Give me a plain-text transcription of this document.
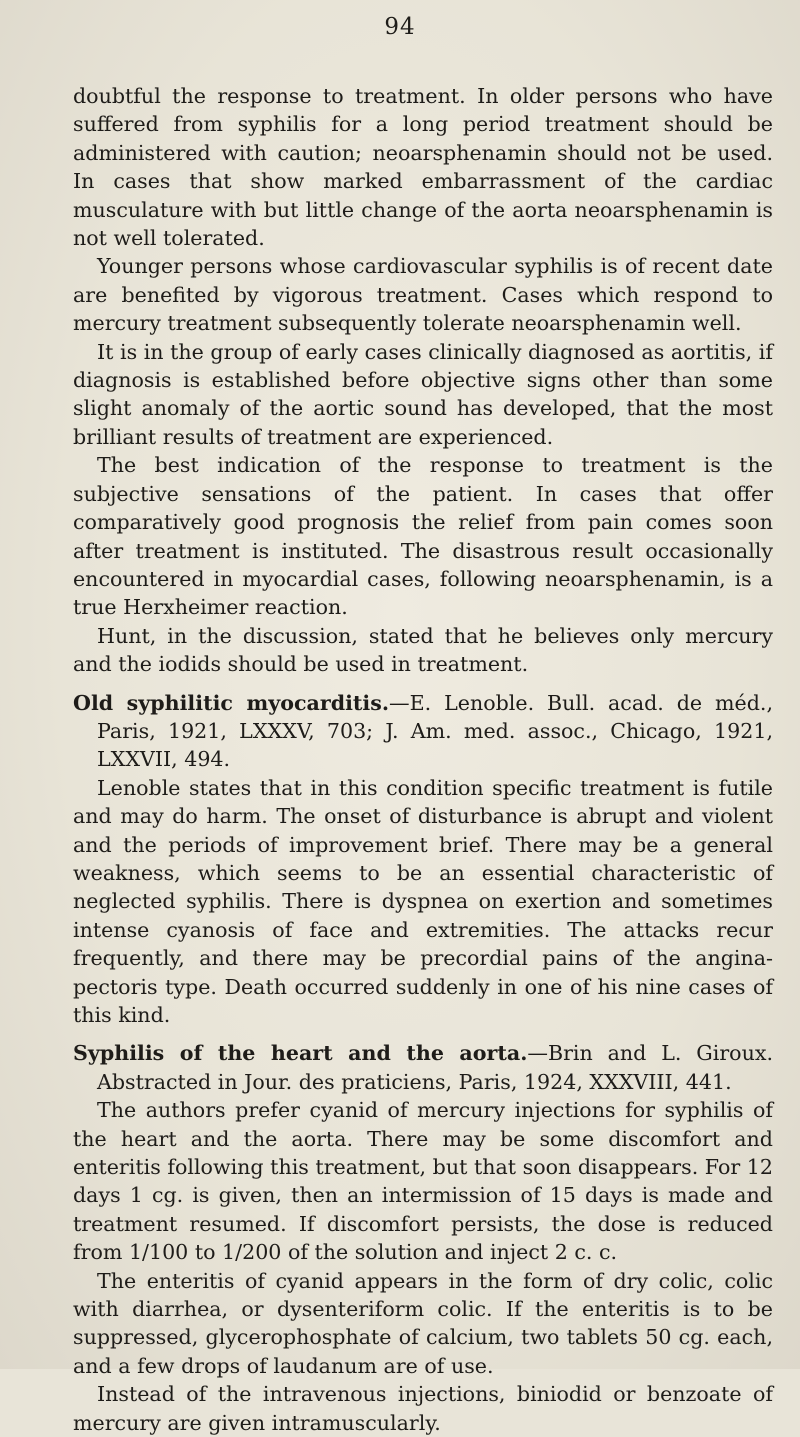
94

doubtful the response to treatment. In older persons who have suffered from syphilis for a long period treatment should be administered with caution; neoarsphenamin should not be used. In cases that show marked embarrassment of the cardiac musculature with but little change of the aorta neoarsphenamin is not well tolerated.

Younger persons whose cardiovascular syphilis is of recent date are benefited by vigorous treatment. Cases which respond to mercury treatment subsequently tolerate neoarsphenamin well.

It is in the group of early cases clinically diagnosed as aortitis, if diagnosis is established before objective signs other than some slight anomaly of the aortic sound has developed, that the most brilliant results of treatment are experienced.

The best indication of the response to treatment is the subjective sensations of the patient. In cases that offer comparatively good prognosis the relief from pain comes soon after treatment is instituted. The disastrous result occasionally encountered in myocardial cases, following neoarsphenamin, is a true Herxheimer reaction.

Hunt, in the discussion, stated that he believes only mercury and the iodids should be used in treatment.

Old syphilitic myocarditis.—E. Lenoble. Bull. acad. de méd., Paris, 1921, LXXXV, 703; J. Am. med. assoc., Chicago, 1921, LXXVII, 494.

Lenoble states that in this condition specific treatment is futile and may do harm. The onset of disturbance is abrupt and violent and the periods of improvement brief. There may be a general weakness, which seems to be an essential characteristic of neglected syphilis. There is dyspnea on exertion and sometimes intense cyanosis of face and extremities. The attacks recur frequently, and there may be precordial pains of the angina-pectoris type. Death occurred suddenly in one of his nine cases of this kind.

Syphilis of the heart and the aorta.—Brin and L. Giroux. Abstracted in Jour. des praticiens, Paris, 1924, XXXVIII, 441.

The authors prefer cyanid of mercury injections for syphilis of the heart and the aorta. There may be some discomfort and enteritis following this treatment, but that soon disappears. For 12 days 1 cg. is given, then an intermission of 15 days is made and treatment resumed. If discomfort persists, the dose is reduced from 1/100 to 1/200 of the solution and inject 2 c. c.

The enteritis of cyanid appears in the form of dry colic, colic with diarrhea, or dysenteriform colic. If the enteritis is to be suppressed, glycerophosphate of calcium, two tablets 50 cg. each, and a few drops of laudanum are of use.

Instead of the intravenous injections, biniodid or benzoate of mercury are given intramuscularly.
